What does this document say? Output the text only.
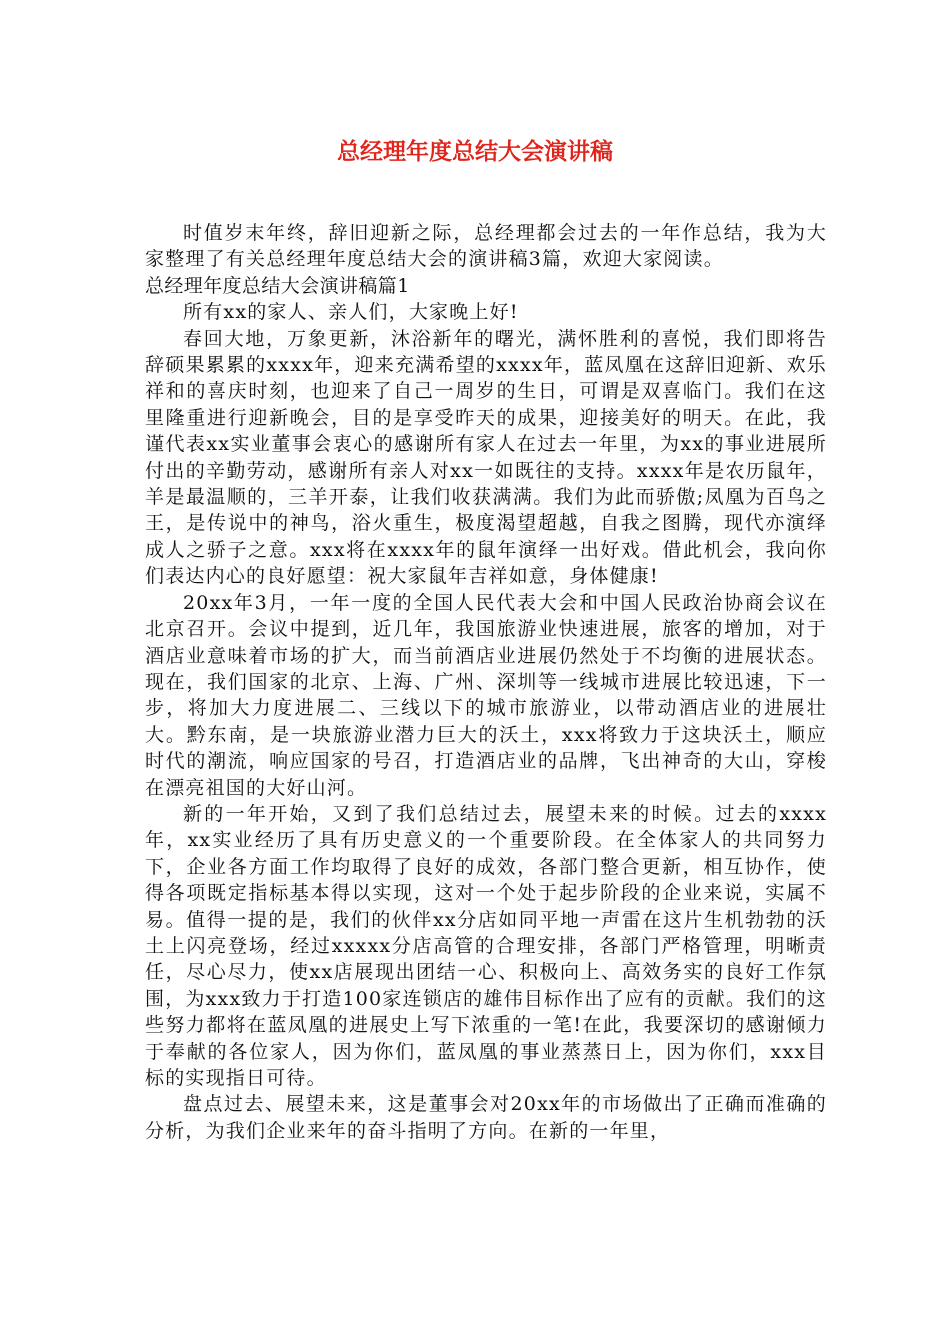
总经理年度总结大会演讲稿

时值岁末年终，辞旧迎新之际，总经理都会过去的一年作总结，我为大家整理了有关总经理年度总结大会的演讲稿3篇，欢迎大家阅读。

总经理年度总结大会演讲稿篇1

所有xx的家人、亲人们，大家晚上好!

春回大地，万象更新，沐浴新年的曙光，满怀胜利的喜悦，我们即将告辞硕果累累的xxxx年，迎来充满希望的xxxx年，蓝凤凰在这辞旧迎新、欢乐祥和的喜庆时刻，也迎来了自己一周岁的生日，可谓是双喜临门。我们在这里隆重进行迎新晚会，目的是享受昨天的成果，迎接美好的明天。在此，我谨代表xx实业董事会衷心的感谢所有家人在过去一年里，为xx的事业进展所付出的辛勤劳动，感谢所有亲人对xx一如既往的支持。xxxx年是农历鼠年，羊是最温顺的，三羊开泰，让我们收获满满。我们为此而骄傲;凤凰为百鸟之王，是传说中的神鸟，浴火重生，极度渴望超越，自我之图腾，现代亦演绎成人之骄子之意。xxx将在xxxx年的鼠年演绎一出好戏。借此机会，我向你们表达内心的良好愿望：祝大家鼠年吉祥如意，身体健康!

20xx年3月，一年一度的全国人民代表大会和中国人民政治协商会议在北京召开。会议中提到，近几年，我国旅游业快速进展，旅客的增加，对于酒店业意味着市场的扩大，而当前酒店业进展仍然处于不均衡的进展状态。现在，我们国家的北京、上海、广州、深圳等一线城市进展比较迅速，下一步，将加大力度进展二、三线以下的城市旅游业，以带动酒店业的进展壮大。黔东南，是一块旅游业潜力巨大的沃土，xxx将致力于这块沃土，顺应时代的潮流，响应国家的号召，打造酒店业的品牌，飞出神奇的大山，穿梭在漂亮祖国的大好山河。

新的一年开始，又到了我们总结过去，展望未来的时候。过去的xxxx年，xx实业经历了具有历史意义的一个重要阶段。在全体家人的共同努力下，企业各方面工作均取得了良好的成效，各部门整合更新，相互协作，使得各项既定指标基本得以实现，这对一个处于起步阶段的企业来说，实属不易。值得一提的是，我们的伙伴xx分店如同平地一声雷在这片生机勃勃的沃土上闪亮登场，经过xxxxx分店高管的合理安排，各部门严格管理，明晰责任，尽心尽力，使xx店展现出团结一心、积极向上、高效务实的良好工作氛围，为xxx致力于打造100家连锁店的雄伟目标作出了应有的贡献。我们的这些努力都将在蓝凤凰的进展史上写下浓重的一笔!在此，我要深切的感谢倾力于奉献的各位家人，因为你们，蓝凤凰的事业蒸蒸日上，因为你们，xxx目标的实现指日可待。

盘点过去、展望未来，这是董事会对20xx年的市场做出了正确而准确的分析，为我们企业来年的奋斗指明了方向。在新的一年里，
